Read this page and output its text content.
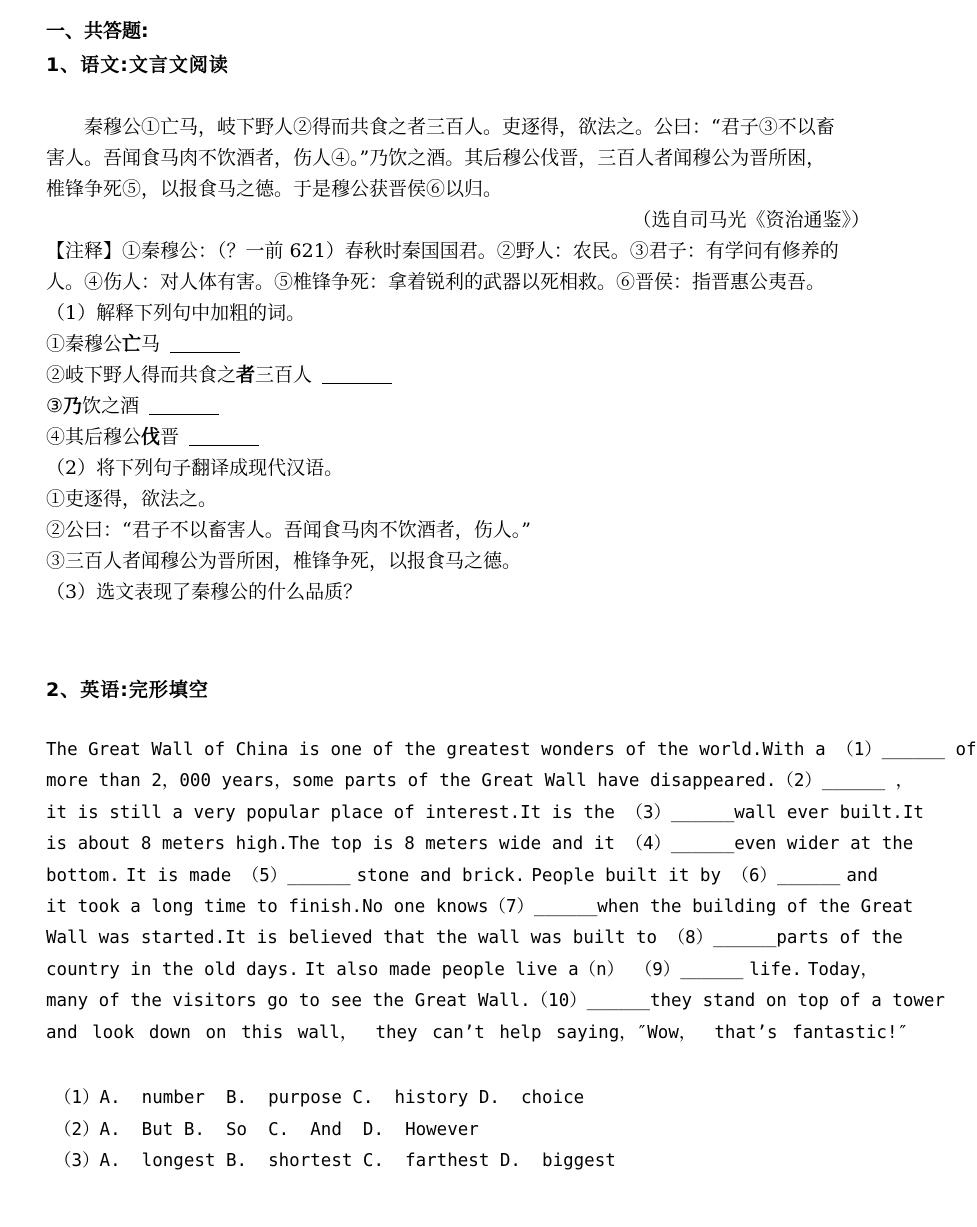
一、共答题:
1、语文:文言文阅读
　　秦穆公①亡马，岐下野人②得而共食之者三百人。吏逐得，欲法之。公曰：“君子③不以畜
害人。吾闻食马肉不饮酒者，伤人④。”乃饮之酒。其后穆公伐晋，三百人者闻穆公为晋所困，
椎锋争死⑤，以报食马之德。于是穆公获晋侯⑥以归。
（选自司马光《资治通鉴》）
【注释】①秦穆公：（？一前 621）春秋时秦国国君。②野人：农民。③君子：有学问有修养的
人。④伤人：对人体有害。⑤椎锋争死：拿着锐利的武器以死相救。⑥晋侯：指晋惠公夷吾。
（1）解释下列句中加粗的词。
①秦穆公亡马
②岐下野人得而共食之者三百人
③乃饮之酒
④其后穆公伐晋
（2）将下列句子翻译成现代汉语。
①吏逐得，欲法之。
②公曰：“君子不以畜害人。吾闻食马肉不饮酒者，伤人。”
③三百人者闻穆公为晋所困，椎锋争死，以报食马之德。
（3）选文表现了秦穆公的什么品质？
2、英语:完形填空
The Great Wall of China is one of the greatest wonders of the world. With a （1）______ of
more than 2，000 years， some parts of the Great Wall have disappeared. （2）______ ，
it is still a very popular place of interest. It is the （3）______ wall ever built. It
is about 8 meters high. The top is 8 meters wide and it （4）______ even wider at the
bottom. It is made （5）______ stone and brick. People built it by （6）______ and
it took a long time to finish. No one knows（7）______ when the building of the Great
Wall was started. It is believed that the wall was built to （8）______ parts of the
country in the old days. It also made people live a（n） （9）______ life. Today，
many of the visitors go to see the Great Wall. （10）______ they stand on top of a tower
and look down on this wall， they can’t help saying，″Wow， that’s fantastic!″
（1）A.  number  B.  purpose C.  history D.  choice
（2）A.  But B.  So  C.  And  D.  However
（3）A.  longest B.  shortest C.  farthest D.  biggest
